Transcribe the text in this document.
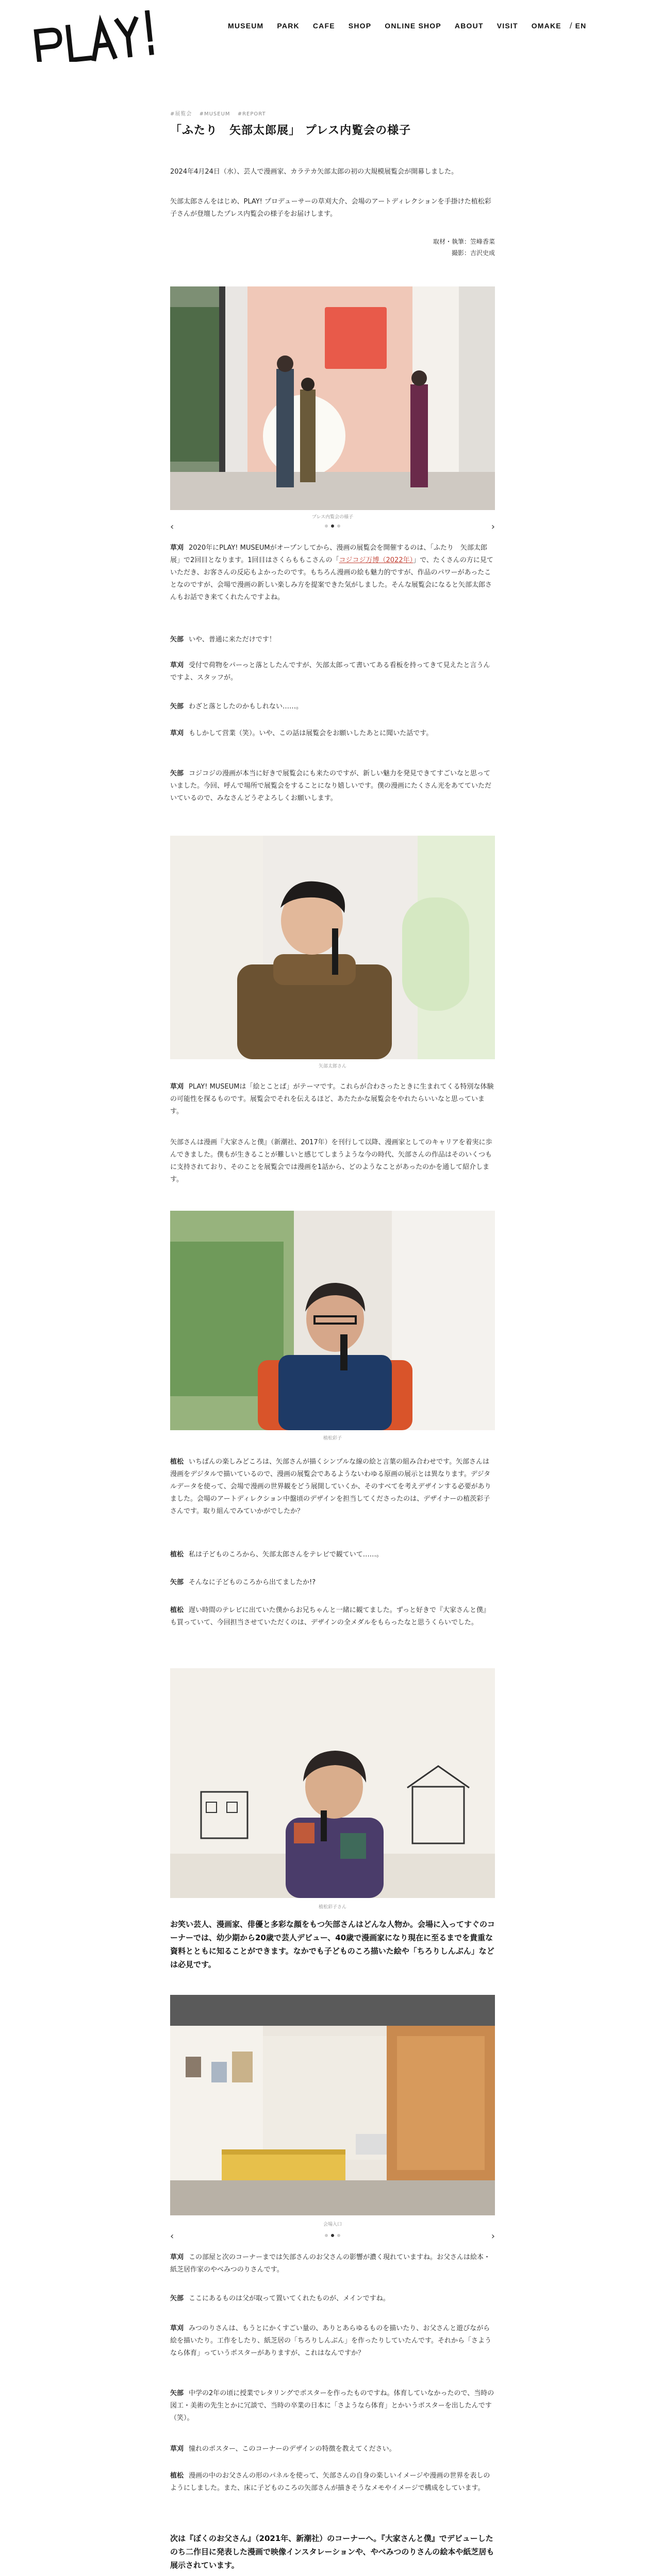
MUSEUM PARK CAFE SHOP ONLINE SHOP ABOUT VISIT OMAKE / EN
#展覧会 #MUSEUM #REPORT
「ふたり　矢部太郎展」 プレス内覧会の様子

2024年4月24日（水）、芸人で漫画家、カラテカ矢部太郎の初の大規模展覧会が開幕しました。

矢部太郎さんをはじめ、PLAY! プロデューサーの草刈大介、会場のアートディレクションを手掛けた植松彩子さんが登壇したプレス内覧会の様子をお届けします。

取材・執筆：笠峰香菜
撮影：吉沢史成
プレス内覧会の様子
‹	›

草刈 2020年にPLAY! MUSEUMがオープンしてから、漫画の展覧会を開催するのは、「ふたり　矢部太郎展」で2回目となります。1回目はさくらももこさんの「コジコジ万博（2022年）」で、たくさんの方に見ていただき、お客さんの反応もよかったのです。もちろん漫画の絵も魅力的ですが、作品のパワーがあったことなのですが、会場で漫画の新しい楽しみ方を提案できた気がしました。そんな展覧会になると矢部太郎さんもお話でき来てくれたんですよね。

矢部 いや、普通に来ただけです！

草刈 受付で荷物をパーっと落としたんですが、矢部太郎って書いてある看板を持ってきて見えたと言うんですよ、スタッフが。

矢部 わざと落としたのかもしれない……。

草刈 もしかして営業（笑）。いや、この話は展覧会をお願いしたあとに聞いた話です。

矢部 コジコジの漫画が本当に好きで展覧会にも来たのですが、新しい魅力を発見できてすごいなと思っていました。今回、呼んで場所で展覧会をすることになり嬉しいです。僕の漫画にたくさん光をあてていただいているので、みなさんどうぞよろしくお願いします。

矢部太郎さん

草刈 PLAY! MUSEUMは「絵とことば」がテーマです。これらが合わさったときに生まれてくる特別な体験の可能性を探るものです。展覧会でそれを伝えるほど、あたたかな展覧会をやれたらいいなと思っています。

矢部さんは漫画『大家さんと僕』（新潮社、2017年）を刊行して以降、漫画家としてのキャリアを着実に歩んできました。僕もが生きることが難しいと感じてしまうような今の時代、矢部さんの作品はそのいくつもに支持されており、そのことを展覧会では漫画を1話から、どのようなことがあったのかを通して紹介します。

植松彩子

植松 いちばんの楽しみどころは、矢部さんが描くシンプルな線の絵と言葉の組み合わせです。矢部さんは漫画をデジタルで描いているので、漫画の展覧会であるようないわゆる原画の展示とは異なります。デジタルデータを使って、会場で漫画の世界観をどう展開していくか、そのすべてを考えデザインする必要がありました。会場のアートディレクション中盤頃のデザインを担当してくださったのは、デザイナーの植茨彩子さんです。取り組んでみていかがでしたか？

植松 私は子どものころから、矢部太郎さんをテレビで観ていて……。

矢部 そんなに子どものころから出てましたか!?

植松 遅い時間のテレビに出ていた僕からお兄ちゃんと一緒に観てました。ずっと好きで『大家さんと僕』も買っていて、今回担当させていただくのは、デザインの全メダルをもらったなと思うくらいでした。

植松彩子さん

お笑い芸人、漫画家、俳優と多彩な顔をもつ矢部さんはどんな人物か。会場に入ってすぐのコーナーでは、幼少期から20歳で芸人デビュー、40歳で漫画家になり現在に至るまでを貴重な資料とともに知ることができます。なかでも子どものころ描いた絵や「ちろりしんぶん」などは必見です。

会場入口
‹	›

草刈 この部屋と次のコーナーまでは矢部さんのお父さんの影響が濃く現れていますね。お父さんは絵本・紙芝居作家のやべみつのりさんです。

矢部 ここにあるものは父が取って置いてくれたものが、メインですね。

草刈 みつのりさんは、もうとにかくすごい量の、ありとあらゆるものを描いたり、お父さんと遊びながら絵を描いたり。工作をしたり、紙芝居の「ちろりしんぶん」を作ったりしていたんです。それから「さようなら体育」っていうポスターがありますが、これはなんですか？

矢部 中学の2年の頃に授業でレタリングでポスターを作ったものですね。体育していなかったので、当時の図工・美術の先生とかに冗談で、当時の卒業の日本に「さようなら体育」とかいうポスターを出したんです（笑）。

草刈 憧れのポスター、このコーナーのデザインの特徴を教えてください。

植松 漫画の中のお父さんの形のパネルを使って、矢部さんの自身の楽しいイメージや漫画の世界を表しのようにしました。また、床に子どものころの矢部さんが描きそうなメモやイメージで構成をしています。

次は『ぼくのお父さん』（2021年、新潮社）のコーナーへ。『大家さんと僕』でデビューしたのち二作目に発表した漫画で映像インスタレーションや、やべみつのりさんの絵本や紙芝居も展示されています。
